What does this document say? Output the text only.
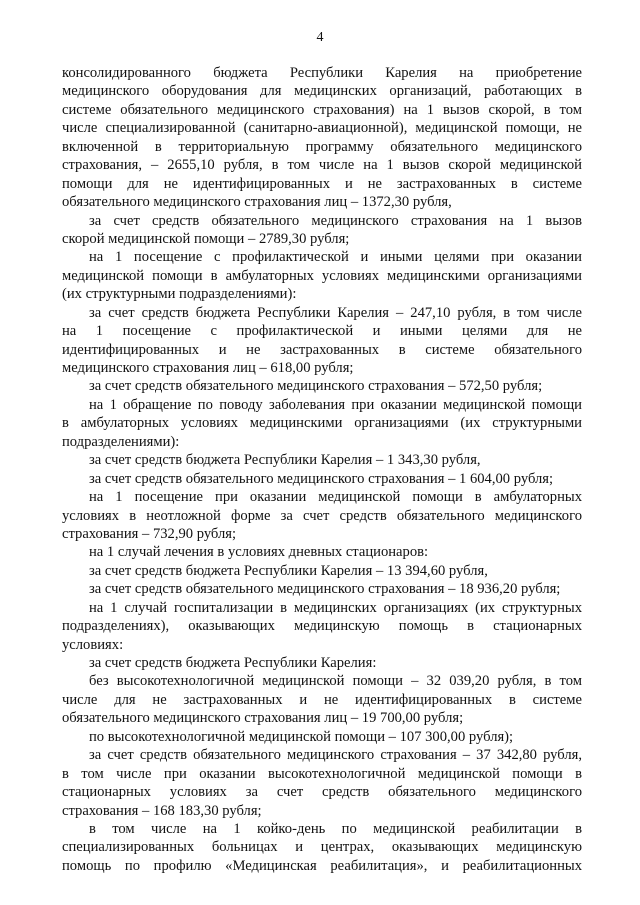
4
консолидированного бюджета Республики Карелия на приобретение
медицинского оборудования для медицинских организаций, работающих в
системе обязательного медицинского страхования) на 1 вызов скорой, в том
числе специализированной (санитарно-авиационной), медицинской помощи, не
включенной в территориальную программу обязательного медицинского
страхования, – 2655,10 рубля, в том числе на 1 вызов скорой медицинской
помощи для не идентифицированных и не застрахованных в системе
обязательного медицинского страхования лиц – 1372,30 рубля,
за счет средств обязательного медицинского страхования на 1 вызов
скорой медицинской помощи – 2789,30 рубля;
на 1 посещение с профилактической и иными целями при оказании
медицинской помощи в амбулаторных условиях медицинскими организациями
(их структурными подразделениями):
за счет средств бюджета Республики Карелия – 247,10 рубля, в том числе
на 1 посещение с профилактической и иными целями для не
идентифицированных и не застрахованных в системе обязательного
медицинского страхования лиц – 618,00 рубля;
за счет средств обязательного медицинского страхования – 572,50 рубля;
на 1 обращение по поводу заболевания при оказании медицинской помощи
в амбулаторных условиях медицинскими организациями (их структурными
подразделениями):
за счет средств бюджета Республики Карелия – 1 343,30 рубля,
за счет средств обязательного медицинского страхования – 1 604,00 рубля;
на 1 посещение при оказании медицинской помощи в амбулаторных
условиях в неотложной форме за счет средств обязательного медицинского
страхования – 732,90 рубля;
на 1 случай лечения в условиях дневных стационаров:
за счет средств бюджета Республики Карелия – 13 394,60 рубля,
за счет средств обязательного медицинского страхования – 18 936,20 рубля;
на 1 случай госпитализации в медицинских организациях (их структурных
подразделениях), оказывающих медицинскую помощь в стационарных
условиях:
за счет средств бюджета Республики Карелия:
без высокотехнологичной медицинской помощи – 32 039,20 рубля, в том
числе для не застрахованных и не идентифицированных в системе
обязательного медицинского страхования лиц – 19 700,00 рубля;
по высокотехнологичной медицинской помощи – 107 300,00 рубля);
за счет средств обязательного медицинского страхования – 37 342,80 рубля,
в том числе при оказании высокотехнологичной медицинской помощи в
стационарных условиях за счет средств обязательного медицинского
страхования – 168 183,30 рубля;
в том числе на 1 койко-день по медицинской реабилитации в
специализированных больницах и центрах, оказывающих медицинскую
помощь по профилю «Медицинская реабилитация», и реабилитационных
